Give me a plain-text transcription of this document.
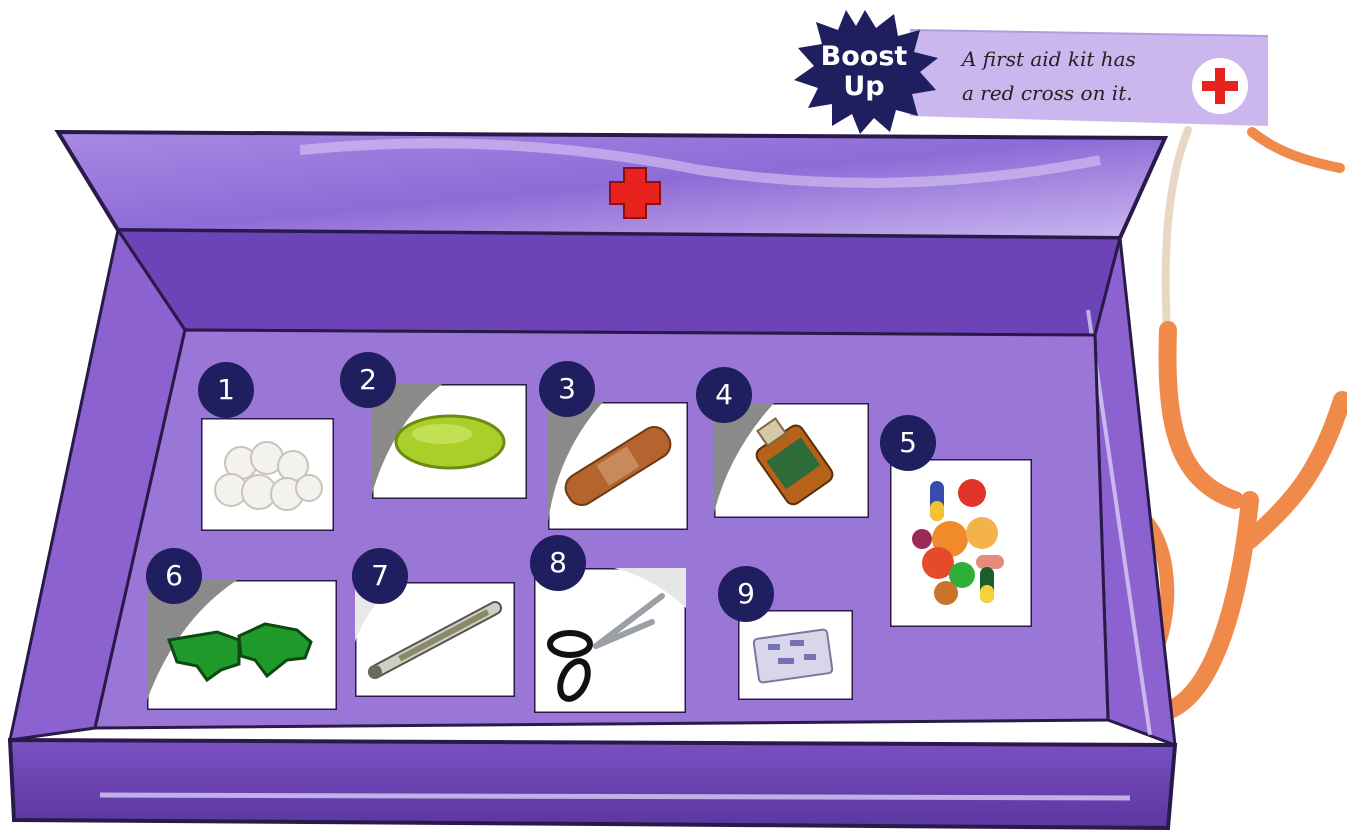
1	2	3	4
5
6	7	8
9
Boost
Up
A first aid kit has
a red cross on it.
